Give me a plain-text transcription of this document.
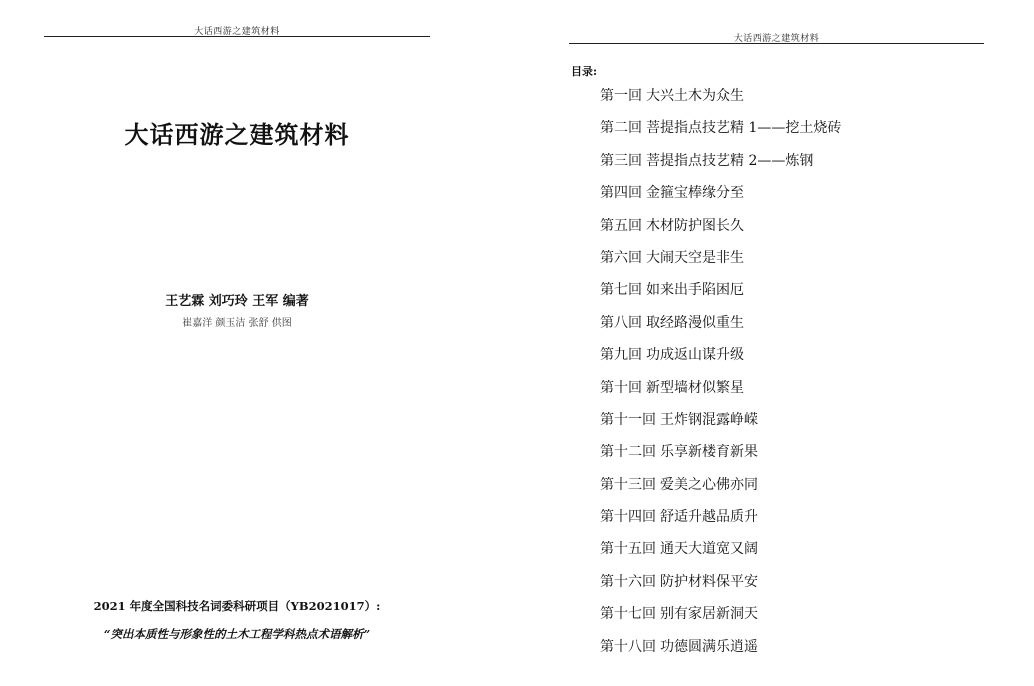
大话西游之建筑材料
大话西游之建筑材料
王艺霖 刘巧玲 王军 编著
崔嘉洋 颜玉洁 张舒 供图
2021 年度全国科技名词委科研项目（YB2021017）:
“突出本质性与形象性的土木工程学科热点术语解析”
大话西游之建筑材料
目录:
第一回 大兴土木为众生
第二回 菩提指点技艺精 1——挖土烧砖
第三回 菩提指点技艺精 2——炼钢
第四回 金箍宝棒缘分至
第五回 木材防护图长久
第六回 大闹天空是非生
第七回 如来出手陷困厄
第八回 取经路漫似重生
第九回 功成返山谋升级
第十回 新型墙材似繁星
第十一回 王炸钢混露峥嵘
第十二回 乐享新楼育新果
第十三回 爱美之心佛亦同
第十四回 舒适升越品质升
第十五回 通天大道宽又阔
第十六回 防护材料保平安
第十七回 别有家居新洞天
第十八回 功德圆满乐逍遥
